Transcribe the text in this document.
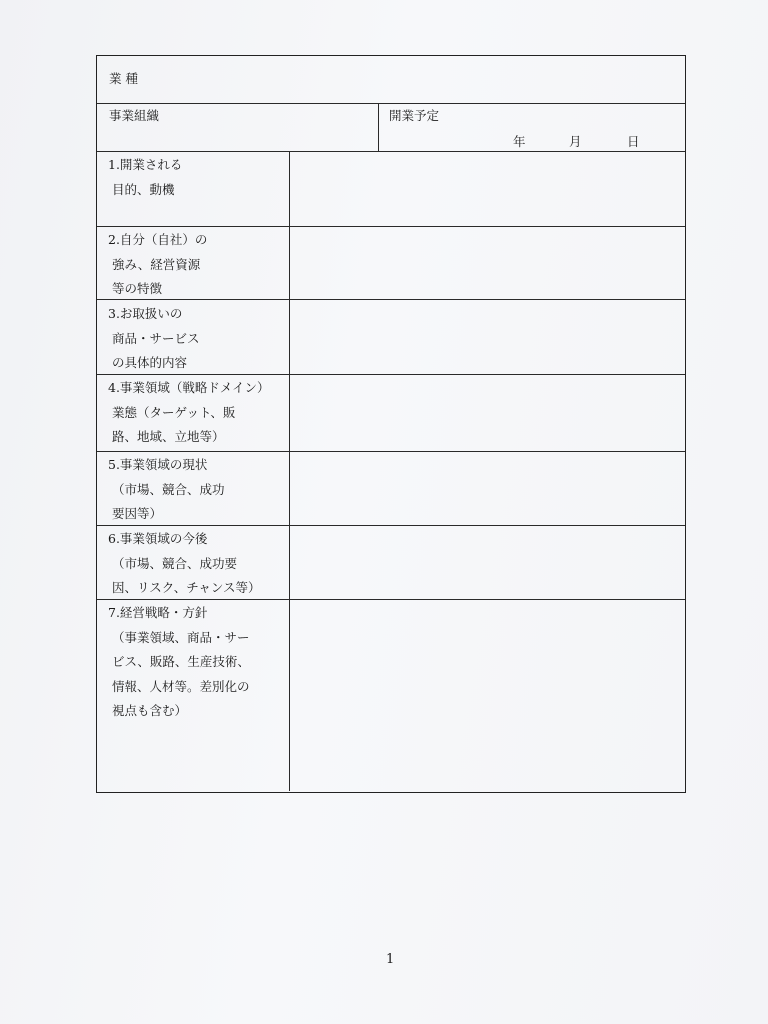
業 種
事業組織	開業予定
年	月	日
1.開業される
目的、動機
2.自分（自社）の
強み、経営資源
等の特徴
3.お取扱いの
商品・サービス
の具体的内容
4.事業領域（戦略ドメイン）
業態（ターゲット、販
路、地域、立地等）
5.事業領域の現状
（市場、競合、成功
要因等）
6.事業領域の今後
（市場、競合、成功要
因、リスク、チャンス等）
7.経営戦略・方針
（事業領域、商品・サー
ビス、販路、生産技術、
情報、人材等。差別化の
視点も含む）
1
